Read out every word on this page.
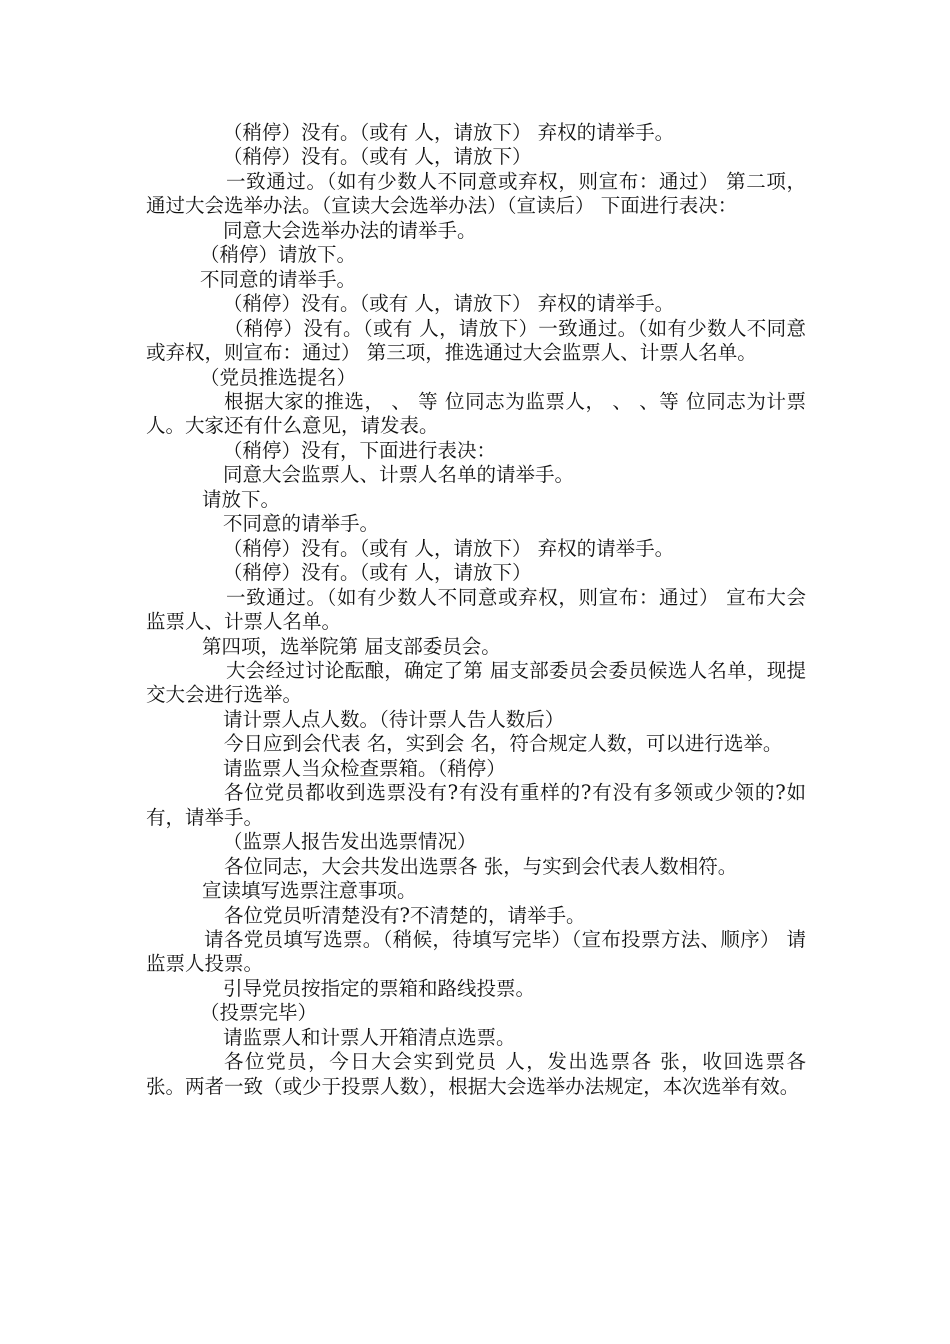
（稍停）没有。（或有 人，请放下） 弃权的请举手。

（稍停）没有。（或有 人，请放下）

一致通过。（如有少数人不同意或弃权，则宣布：通过） 第二项，通过大会选举办法。（宣读大会选举办法）（宣读后） 下面进行表决：

同意大会选举办法的请举手。

（稍停）请放下。

不同意的请举手。

（稍停）没有。（或有 人，请放下） 弃权的请举手。

（稍停）没有。（或有 人，请放下）一致通过。（如有少数人不同意或弃权，则宣布：通过） 第三项，推选通过大会监票人、计票人名单。

（党员推选提名）

根据大家的推选， 、 等 位同志为监票人， 、 、等 位同志为计票人。大家还有什么意见，请发表。

（稍停）没有，下面进行表决：

同意大会监票人、计票人名单的请举手。

请放下。

不同意的请举手。

（稍停）没有。（或有 人，请放下） 弃权的请举手。

（稍停）没有。（或有 人，请放下）

一致通过。（如有少数人不同意或弃权，则宣布：通过） 宣布大会监票人、计票人名单。

第四项，选举院第 届支部委员会。

大会经过讨论酝酿，确定了第 届支部委员会委员候选人名单，现提交大会进行选举。

请计票人点人数。（待计票人告人数后）

今日应到会代表 名，实到会 名，符合规定人数，可以进行选举。

请监票人当众检查票箱。（稍停）

各位党员都收到选票没有?有没有重样的?有没有多领或少领的?如有，请举手。

（监票人报告发出选票情况）

各位同志，大会共发出选票各 张，与实到会代表人数相符。

宣读填写选票注意事项。

各位党员听清楚没有?不清楚的，请举手。

请各党员填写选票。（稍候，待填写完毕）（宣布投票方法、顺序） 请监票人投票。

引导党员按指定的票箱和路线投票。

（投票完毕）

请监票人和计票人开箱清点选票。

各位党员，今日大会实到党员 人，发出选票各 张，收回选票各 张。两者一致（或少于投票人数），根据大会选举办法规定，本次选举有效。
